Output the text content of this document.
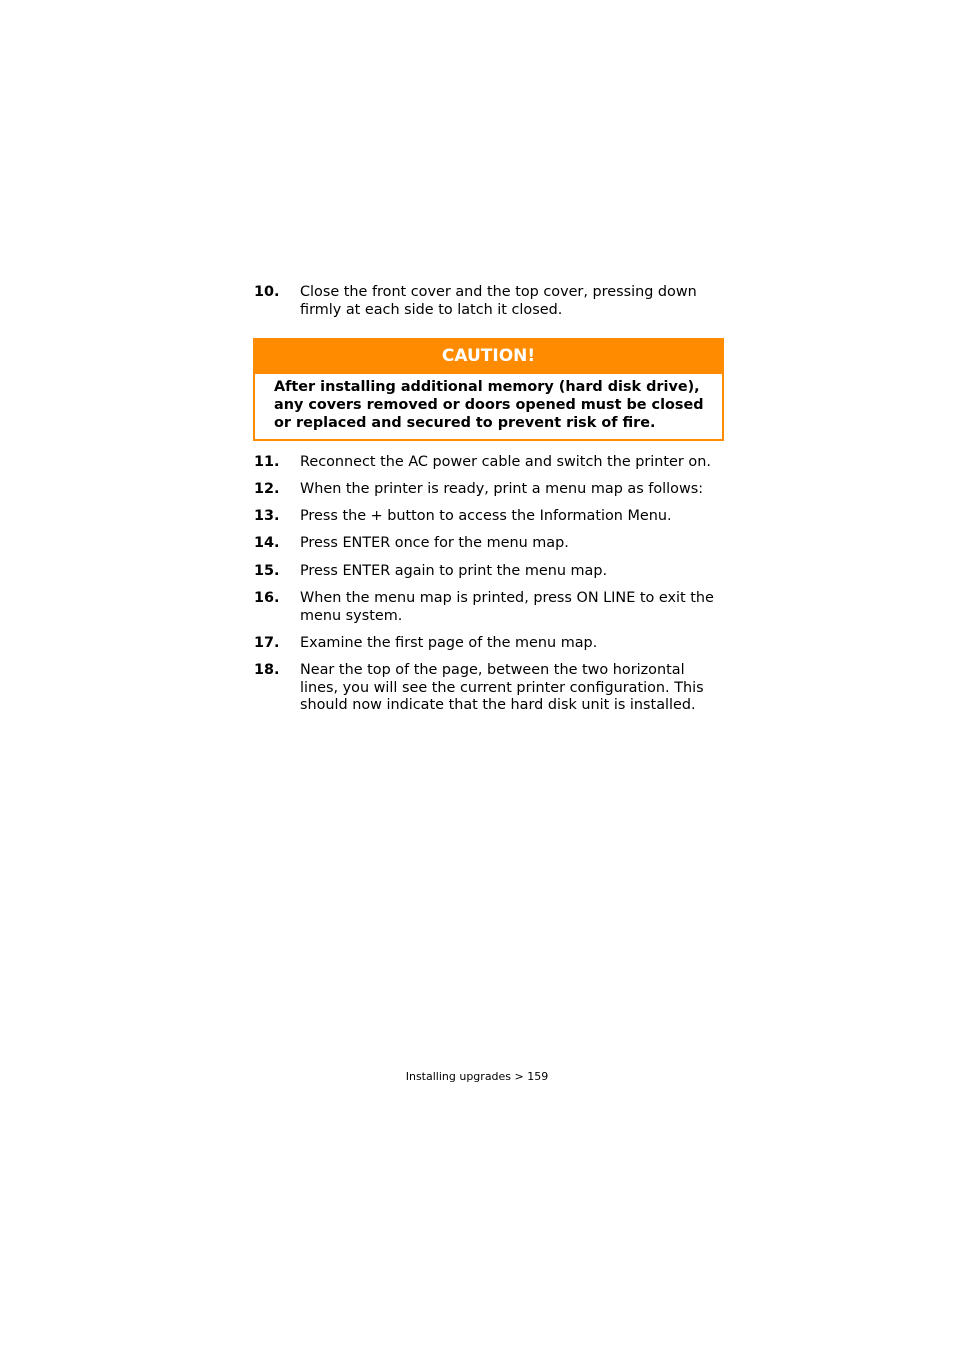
10.	Close the front cover and the top cover, pressing down firmly at each side to latch it closed.
CAUTION!
After installing additional memory (hard disk drive), any covers removed or doors opened must be closed or replaced and secured to prevent risk of fire.
11.	Reconnect the AC power cable and switch the printer on.
12.	When the printer is ready, print a menu map as follows:
13.	Press the + button to access the Information Menu.
14.	Press ENTER once for the menu map.
15.	Press ENTER again to print the menu map.
16.	When the menu map is printed, press ON LINE to exit the menu system.
17.	Examine the first page of the menu map.
18.	Near the top of the page, between the two horizontal lines, you will see the current printer configuration. This should now indicate that the hard disk unit is installed.
Installing upgrades > 159
